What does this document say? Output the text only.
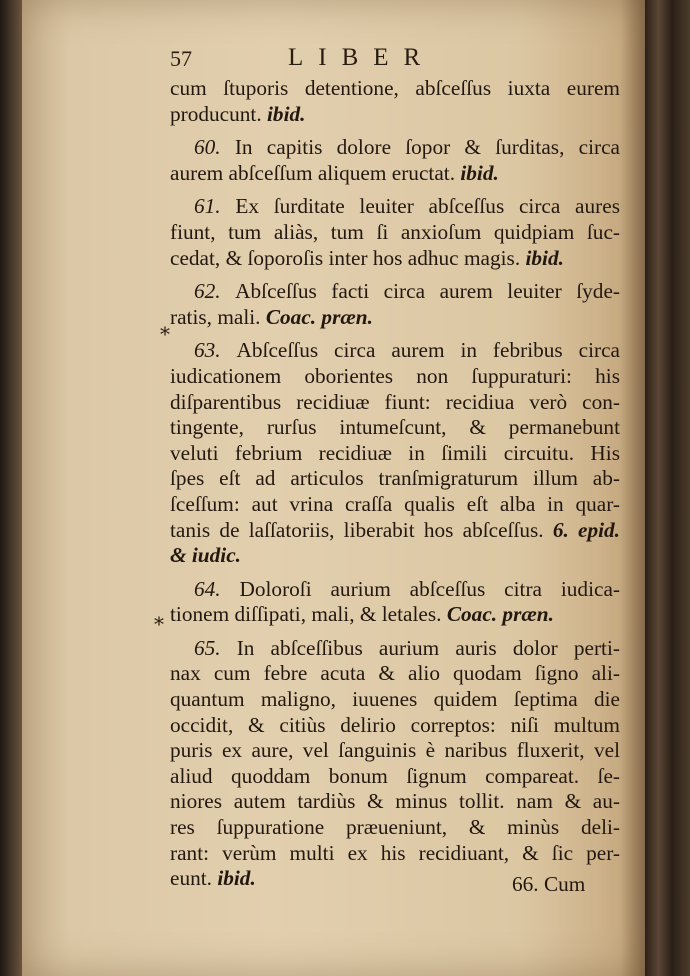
57	LIBER
*
*
cum ſtuporis detentione, abſceſſus iuxta eurem
producunt. ibid.
60. In capitis dolore ſopor & ſurditas, circa
aurem abſceſſum aliquem eructat. ibid.
61. Ex ſurditate leuiter abſceſſus circa aures
fiunt, tum aliàs, tum ſi anxioſum quidpiam ſuc-
cedat, & ſoporoſis inter hos adhuc magis. ibid.
62. Abſceſſus facti circa aurem leuiter ſyde-
ratis, mali. Coac. præn.
63. Abſceſſus circa aurem in febribus circa
iudicationem oborientes non ſuppuraturi: his
diſparentibus recidiuæ fiunt: recidiua verò con-
tingente, rurſus intumeſcunt, & permanebunt
veluti febrium recidiuæ in ſimili circuitu. His
ſpes eſt ad articulos tranſmigraturum illum ab-
ſceſſum: aut vrina craſſa qualis eſt alba in quar-
tanis de laſſatoriis, liberabit hos abſceſſus. 6. epid.
& iudic.
64. Doloroſi aurium abſceſſus citra iudica-
tionem diſſipati, mali, & letales. Coac. præn.
65. In abſceſſibus aurium auris dolor perti-
nax cum febre acuta & alio quodam ſigno ali-
quantum maligno, iuuenes quidem ſeptima die
occidit, & citiùs delirio correptos: niſi multum
puris ex aure, vel ſanguinis è naribus fluxerit, vel
aliud quoddam bonum ſignum compareat. ſe-
niores autem tardiùs & minus tollit. nam & au-
res ſuppuratione præueniunt, & minùs deli-
rant: verùm multi ex his recidiuant, & ſic per-
eunt. ibid.	66. Cum
